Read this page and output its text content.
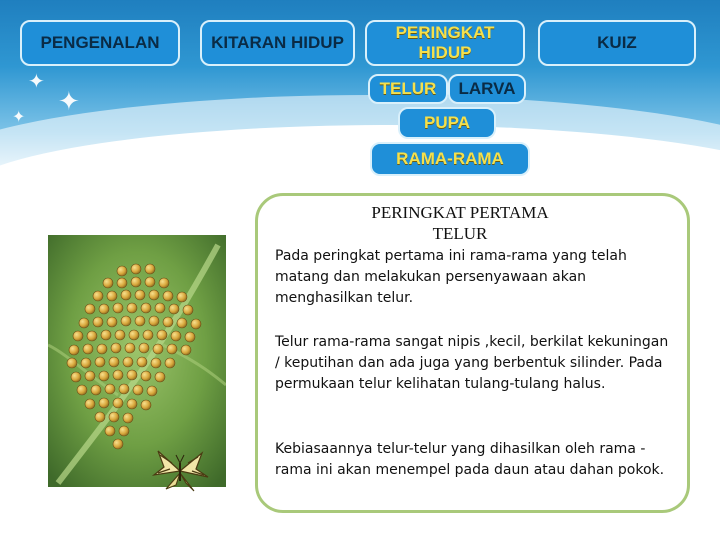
✦
✦
✦
PENGENALAN	KITARAN HIDUP
PERINGKAT HIDUP
KUIZ
TELUR	LARVA
PUPA
RAMA-RAMA
PERINGKAT PERTAMA
TELUR
Pada peringkat pertama ini rama-rama yang telah matang dan melakukan persenyawaan akan menghasilkan telur.
Telur rama-rama sangat nipis ,kecil, berkilat kekuningan / keputihan dan ada juga yang berbentuk silinder. Pada permukaan telur kelihatan tulang-tulang halus.
Kebiasaannya telur-telur yang dihasilkan oleh rama -rama ini akan menempel pada daun atau dahan pokok.
